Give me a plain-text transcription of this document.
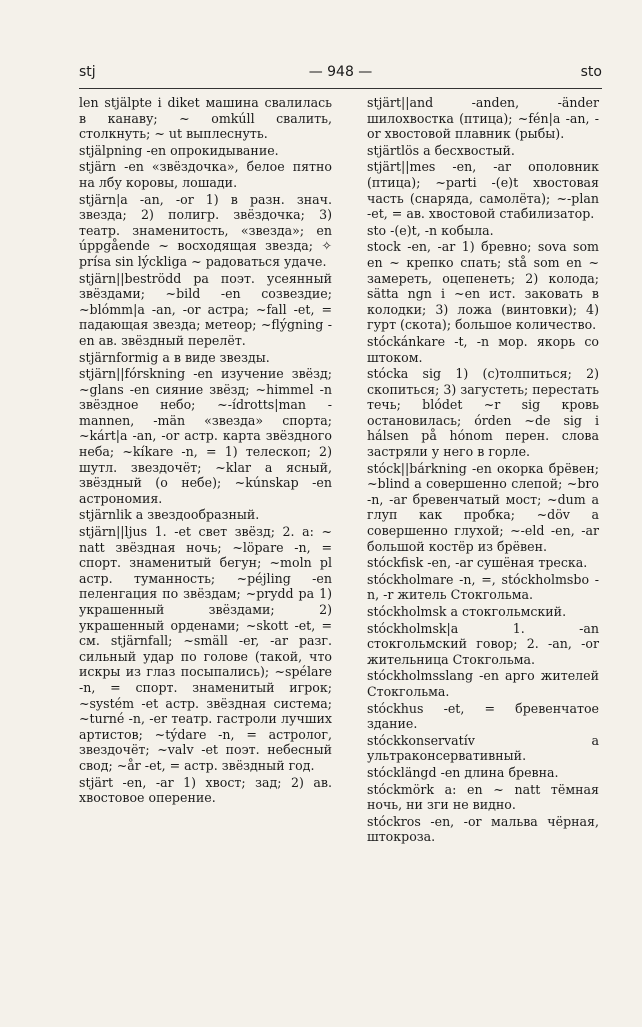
stj	— 948 —	sto
len stjälpte i diket машина свалилась в канаву; ~ omkúll свалить, столкнуть; ~ ut выплеснуть.
stjälpning -en опрокидывание.
stjärn -en «звёздочка», белое пятно на лбу коровы, лошади.
stjärn|a -an, -or 1) в разн. знач. звезда; 2) полигр. звёздочка; 3) театр. знаменитость, «звезда»; en úppgående ~ восходящая звезда; ✧ prísa sin lýckliga ~ радоваться удаче.
stjärn||beströdd pa поэт. усеянный звёздами; ~bild -en созвездие; ~blómm|a -an, -or астра; ~fall -et, = падающая звезда; метеор; ~flýgning -en ав. звёздный перелёт.
stjärnformig a в виде звезды.
stjärn||fórskning -en изучение звёзд; ~glans -en сияние звёзд; ~himmel -n звёздное небо; ~-ídrotts|man -mannen, -män «звезда» спорта; ~kárt|a -an, -or астр. карта звёздного неба; ~kíkare -n, = 1) телескоп; 2) шутл. звездочёт; ~klar a ясный, звёздный (о небе); ~kúnskap -en астрономия.
stjärnlik a звездообразный.
stjärn||ljus 1. -et свет звёзд; 2. a: ~ natt звёздная ночь; ~löpare -n, = спорт. знаменитый бегун; ~moln pl астр. туманность; ~péjling -en пеленгация по звёздам; ~prydd pa 1) украшенный звёздами; 2) украшенный орденами; ~skott -et, = см. stjärnfall; ~smäll -er, -ar разг. сильный удар по голове (такой, что искры из глаз посыпались); ~spélare -n, = спорт. знаменитый игрок; ~systém -et астр. звёздная система; ~turné -n, -er театр. гастроли лучших артистов; ~týdare -n, = астролог, звездочёт; ~valv -et поэт. небесный свод; ~år -et, = астр. звёздный год.
stjärt -en, -ar 1) хвост; зад; 2) ав. хвостовое оперение.
stjärt||and -anden, -änder шилохвостка (птица); ~fén|a -an, -or хвостовой плавник (рыбы).
stjärtlös a бесхвостый.
stjärt||mes -en, -ar ополовник (птица); ~parti -(e)t хвостовая часть (снаряда, самолёта); ~-plan -et, = ав. хвостовой стабилизатор.
sto -(e)t, -n кобыла.
stock -en, -ar 1) бревно; sova som en ~ крепко спать; stå som en ~ замереть, оцепенеть; 2) колода; sätta ngn i ~en ист. заковать в колодки; 3) ложа (винтовки); 4) гурт (скота); большое количество.
stóckánkare -t, -n мор. якорь со штоком.
stócka sig 1) (с)толпиться; 2) скопиться; 3) загустеть; перестать течь; blódet ~r sig кровь остановилась; órden ~de sig i hálsen på hónom перен. слова застряли у него в горле.
stóck||bárkning -en окорка брёвен; ~blind a совершенно слепой; ~bro -n, -ar бревенчатый мост; ~dum a глуп как пробка; ~döv a совершенно глухой; ~-eld -en, -ar большой костёр из брёвен.
stóckfisk -en, -ar сушёная треска.
stóckholmare -n, =, stóckholmsbo -n, -r житель Стокгольма.
stóckholmsk a стокгольмский.
stóckholmsk|a 1. -an стокгольмский говор; 2. -an, -or жительница Стокгольма.
stóckholmsslang -en арго жителей Стокгольма.
stóckhus -et, = бревенчатое здание.
stóckkonservatív a ультраконсервативный.
stócklängd -en длина бревна.
stóckmörk a: en ~ natt тёмная ночь, ни зги не видно.
stóckros -en, -or мальва чёрная, штокроза.
